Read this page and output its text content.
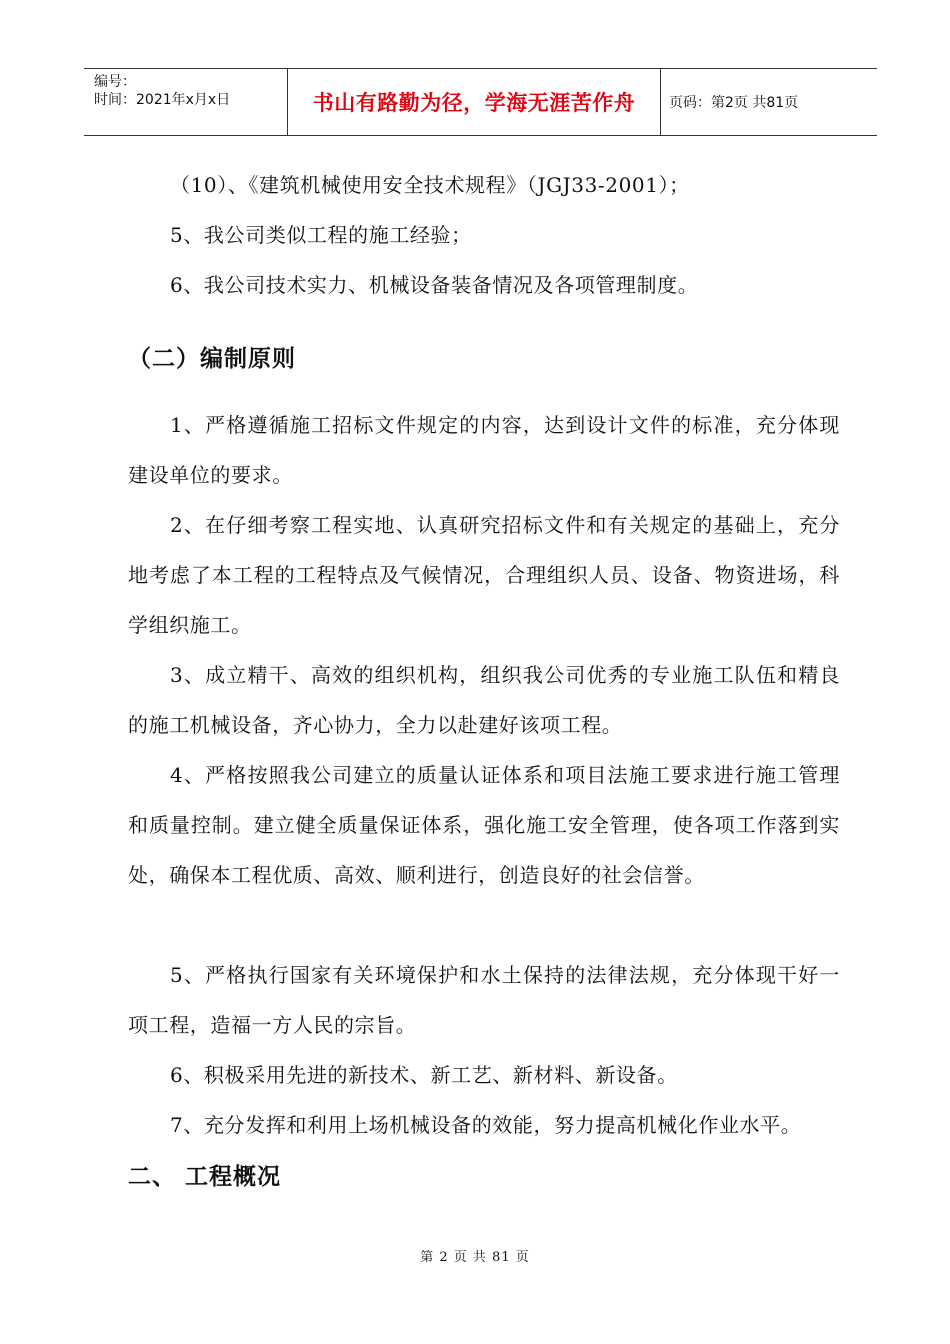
编号：
时间：2021年x月x日	书山有路勤为径，学海无涯苦作舟 页码：第2页 共81页

（10）、《建筑机械使用安全技术规程》（JGJ33-2001）；

5、我公司类似工程的施工经验；

6、我公司技术实力、机械设备装备情况及各项管理制度。

（二）编制原则

1、严格遵循施工招标文件规定的内容，达到设计文件的标准，充分体现建设单位的要求。

2、在仔细考察工程实地、认真研究招标文件和有关规定的基础上，充分地考虑了本工程的工程特点及气候情况，合理组织人员、设备、物资进场，科学组织施工。

3、成立精干、高效的组织机构，组织我公司优秀的专业施工队伍和精良的施工机械设备，齐心协力，全力以赴建好该项工程。

4、严格按照我公司建立的质量认证体系和项目法施工要求进行施工管理和质量控制。建立健全质量保证体系，强化施工安全管理，使各项工作落到实处，确保本工程优质、高效、顺利进行，创造良好的社会信誉。

5、严格执行国家有关环境保护和水土保持的法律法规，充分体现干好一项工程，造福一方人民的宗旨。

6、积极采用先进的新技术、新工艺、新材料、新设备。

7、充分发挥和利用上场机械设备的效能，努力提高机械化作业水平。

二、 工程概况
第 2 页 共 81 页
